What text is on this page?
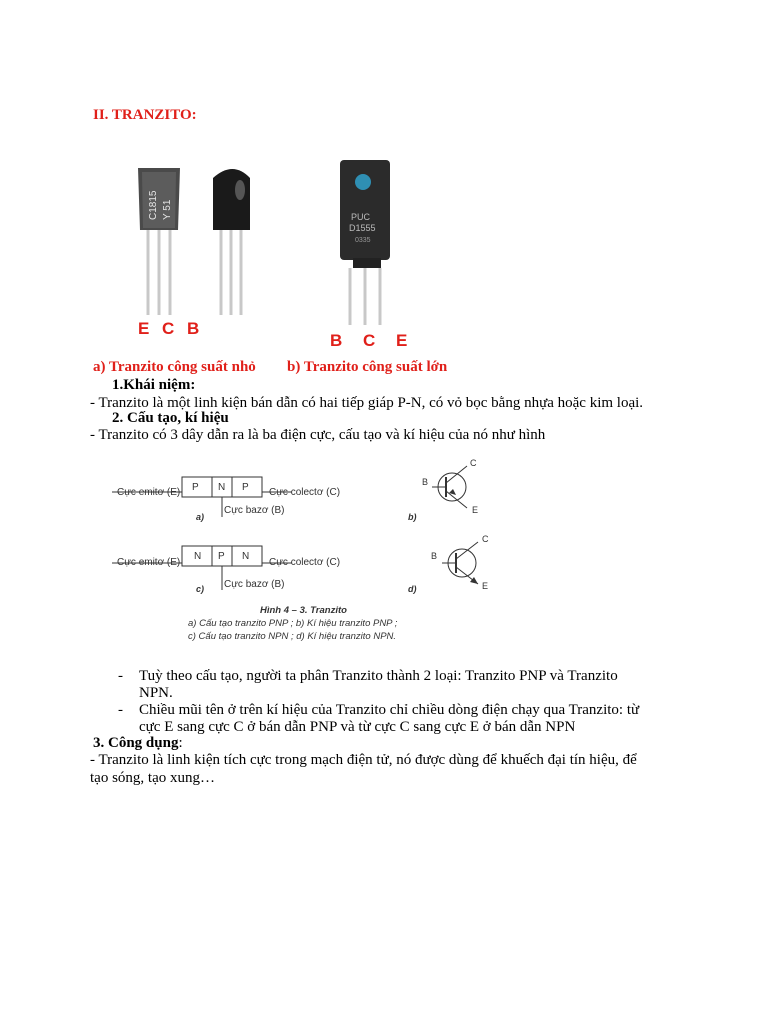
II. TRANZITO:
C1815 Y 51
E C B
PUC
D1555
0335
B C E
a) Tranzito công suất nhỏ b) Tranzito công suất lớn
1.Khái niệm:
- Tranzito là một linh kiện bán dẫn có hai tiếp giáp P-N, có vỏ bọc bằng nhựa hoặc kim loại.
2. Cấu tạo, kí hiệu
- Tranzito có 3 dây dẫn ra là ba điện cực, cấu tạo và kí hiệu của nó như hình
Cực emitơ (E) P N P Cực colectơ (C)
Cực bazơ (B)
a)
B
C
E
b)
Cực emitơ (E)
N P N
Cực colectơ (C)
Cực bazơ (B)
c)
B
C
E
d)
Hình 4 – 3. Tranzito
a) Cấu tạo tranzito PNP ; b) Kí hiệu tranzito PNP ;
c) Cấu tạo tranzito NPN ; d) Kí hiệu tranzito NPN.
- Tuỳ theo cấu tạo, người ta phân Tranzito thành 2 loại: Tranzito PNP và Tranzito
NPN.
- Chiều mũi tên ở trên kí hiệu của Tranzito chỉ chiều dòng điện chạy qua Tranzito: từ
cực E sang cực C ở bán dẫn PNP và từ cực C sang cực E ở bán dẫn NPN
3. Công dụng:
- Tranzito là linh kiện tích cực trong mạch điện tử, nó được dùng để khuếch đại tín hiệu, để
tạo sóng, tạo xung…
